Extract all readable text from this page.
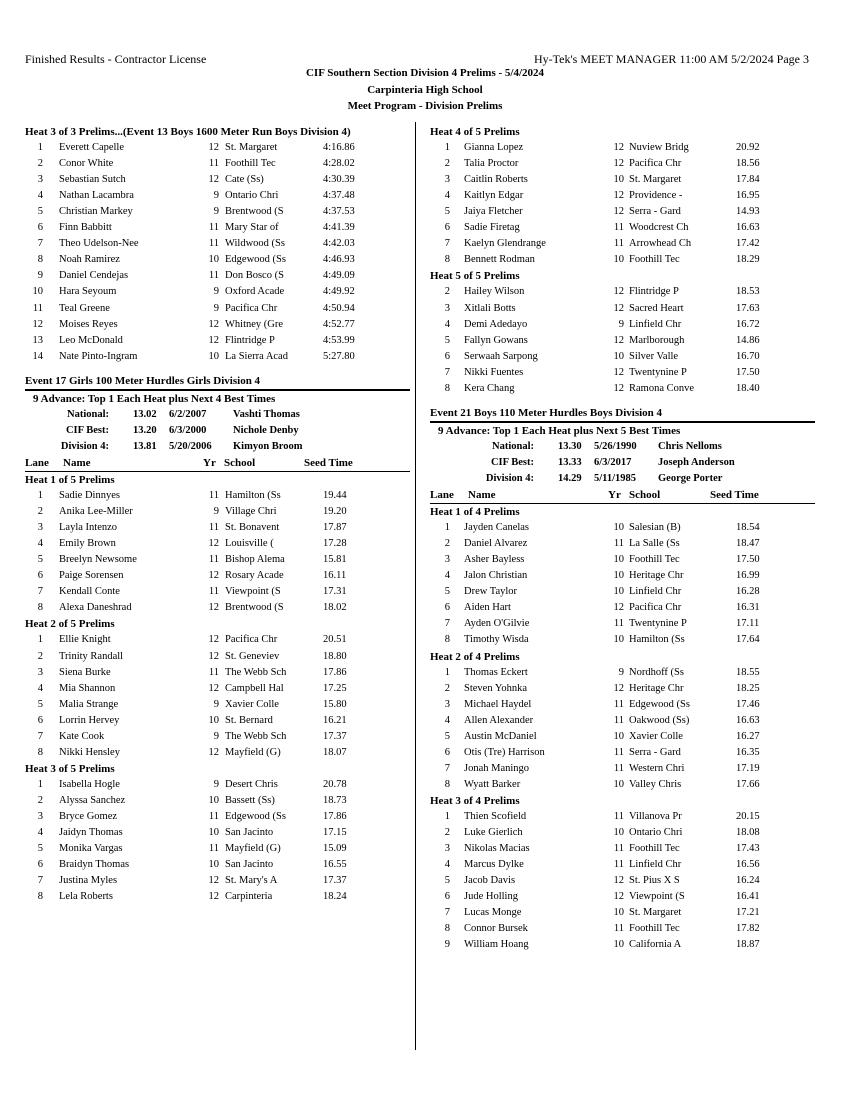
Finished Results - Contractor License	Hy-Tek's MEET MANAGER 11:00 AM 5/2/2024 Page 3
CIF Southern Section Division 4 Prelims - 5/4/2024
Carpinteria High School
Meet Program - Division Prelims
Heat 3 of 3 Prelims...(Event 13 Boys 1600 Meter Run Boys Division 4)
1 Everett Capelle	12 St. Margaret	4:16.86
2 Conor White	11 Foothill Tec	4:28.02
3 Sebastian Sutch	12 Cate (Ss)	4:30.39
4 Nathan Lacambra	9 Ontario Chri	4:37.48
5 Christian Markey	9 Brentwood (S	4:37.53
6 Finn Babbitt	11 Mary Star of	4:41.39
7 Theo Udelson-Nee	11 Wildwood (Ss	4:42.03
8 Noah Ramirez	10 Edgewood (Ss	4:46.93
9 Daniel Cendejas	11 Don Bosco (S	4:49.09
10 Hara Seyoum	9 Oxford Acade	4:49.92
11 Teal Greene	9 Pacifica Chr	4:50.94
12 Moises Reyes	12 Whitney (Gre	4:52.77
13 Leo McDonald	12 Flintridge P	4:53.99
14 Nate Pinto-Ingram	10 La Sierra Acad	5:27.80
Event 17 Girls 100 Meter Hurdles Girls Division 4
9 Advance: Top 1 Each Heat plus Next 4 Best Times
National: 13.02 6/2/2007	Vashti Thomas
CIF Best: 13.20 6/3/2000	Nichole Denby
Division 4: 13.81 5/20/2006 Kimyon Broom
Lane Name	Yr School	Seed Time
Heat 1 of 5 Prelims
1 Sadie Dinnyes	11 Hamilton (Ss	19.44
2 Anika Lee-Miller	9 Village Chri	19.20
3 Layla Intenzo	11 St. Bonavent	17.87
4 Emily Brown	12 Louisville (	17.28
5 Breelyn Newsome	11 Bishop Alema	15.81
6 Paige Sorensen	12 Rosary Acade	16.11
7 Kendall Conte	11 Viewpoint (S	17.31
8 Alexa Daneshrad	12 Brentwood (S	18.02
Heat 2 of 5 Prelims
1 Ellie Knight	12 Pacifica Chr	20.51
2 Trinity Randall	12 St. Geneviev	18.80
3 Siena Burke	11 The Webb Sch	17.86
4 Mia Shannon	12 Campbell Hal	17.25
5 Malia Strange	9 Xavier Colle	15.80
6 Lorrin Hervey	10 St. Bernard	16.21
7 Kate Cook	9 The Webb Sch	17.37
8 Nikki Hensley	12 Mayfield (G)	18.07
Heat 3 of 5 Prelims
1 Isabella Hogle	9 Desert Chris	20.78
2 Alyssa Sanchez	10 Bassett (Ss)	18.73
3 Bryce Gomez	11 Edgewood (Ss	17.86
4 Jaidyn Thomas	10 San Jacinto	17.15
5 Monika Vargas	11 Mayfield (G)	15.09
6 Braidyn Thomas	10 San Jacinto	16.55
7 Justina Myles	12 St. Mary's A	17.37
8 Lela Roberts	12 Carpinteria	18.24
Heat 4 of 5 Prelims
1 Gianna Lopez	12 Nuview Bridg	20.92
2 Talia Proctor	12 Pacifica Chr	18.56
3 Caitlin Roberts	10 St. Margaret	17.84
4 Kaitlyn Edgar	12 Providence -	16.95
5 Jaiya Fletcher	12 Serra - Gard	14.93
6 Sadie Firetag	11 Woodcrest Ch	16.63
7 Kaelyn Glendrange	11 Arrowhead Ch	17.42
8 Bennett Rodman	10 Foothill Tec	18.29
Heat 5 of 5 Prelims
2 Hailey Wilson	12 Flintridge P	18.53
3 Xitlali Botts	12 Sacred Heart	17.63
4 Demi Adedayo	9 Linfield Chr	16.72
5 Fallyn Gowans	12 Marlborough	14.86
6 Serwaah Sarpong	10 Silver Valle	16.70
7 Nikki Fuentes	12 Twentynine P	17.50
8 Kera Chang	12 Ramona Conve	18.40
Event 21 Boys 110 Meter Hurdles Boys Division 4
9 Advance: Top 1 Each Heat plus Next 5 Best Times
National: 13.30 5/26/1990 Chris Nelloms
CIF Best: 13.33 6/3/2017	Joseph Anderson
Division 4: 14.29 5/11/1985 George Porter
Lane Name	Yr School	Seed Time
Heat 1 of 4 Prelims
1 Jayden Canelas	10 Salesian (B)	18.54
2 Daniel Alvarez	11 La Salle (Ss	18.47
3 Asher Bayless	10 Foothill Tec	17.50
4 Jalon Christian	10 Heritage Chr	16.99
5 Drew Taylor	10 Linfield Chr	16.28
6 Aiden Hart	12 Pacifica Chr	16.31
7 Ayden O'Gilvie	11 Twentynine P	17.11
8 Timothy Wisda	10 Hamilton (Ss	17.64
Heat 2 of 4 Prelims
1 Thomas Eckert	9 Nordhoff (Ss	18.55
2 Steven Yohnka	12 Heritage Chr	18.25
3 Michael Haydel	11 Edgewood (Ss	17.46
4 Allen Alexander	11 Oakwood (Ss)	16.63
5 Austin McDaniel	10 Xavier Colle	16.27
6 Otis (Tre) Harrison	11 Serra - Gard	16.35
7 Jonah Maningo	11 Western Chri	17.19
8 Wyatt Barker	10 Valley Chris	17.66
Heat 3 of 4 Prelims
1 Thien Scofield	11 Villanova Pr	20.15
2 Luke Gierlich	10 Ontario Chri	18.08
3 Nikolas Macias	11 Foothill Tec	17.43
4 Marcus Dylke	11 Linfield Chr	16.56
5 Jacob Davis	12 St. Pius X S	16.24
6 Jude Holling	12 Viewpoint (S	16.41
7 Lucas Monge	10 St. Margaret	17.21
8 Connor Bursek	11 Foothill Tec	17.82
9 William Hoang	10 California A	18.87
